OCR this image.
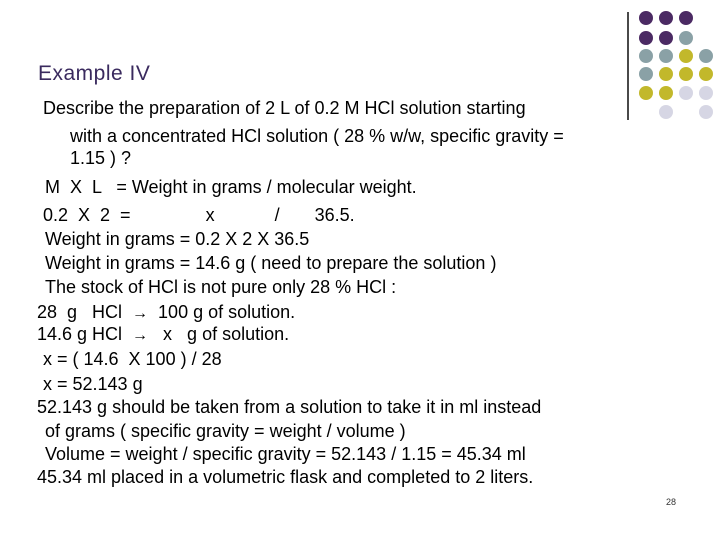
Example IV
Describe the preparation of 2 L of 0.2 M HCl solution starting
with a concentrated HCl solution ( 28 % w/w, specific gravity =
1.15 ) ?
M  X  L   = Weight in grams / molecular weight.
0.2  X  2  =               x            /       36.5.
Weight in grams = 0.2 X 2 X 36.5
Weight in grams = 14.6 g ( need to prepare the solution )
The stock of HCl is not pure only 28 % HCl :
28  g   HCl  →  100 g of solution.
14.6 g HCl  →   x   g of solution.
x = ( 14.6  X 100 ) / 28
x = 52.143 g
52.143 g should be taken from a solution to take it in ml instead
of grams ( specific gravity = weight / volume )
Volume = weight / specific gravity = 52.143 / 1.15 = 45.34 ml
45.34 ml placed in a volumetric flask and completed to 2 liters.
28
